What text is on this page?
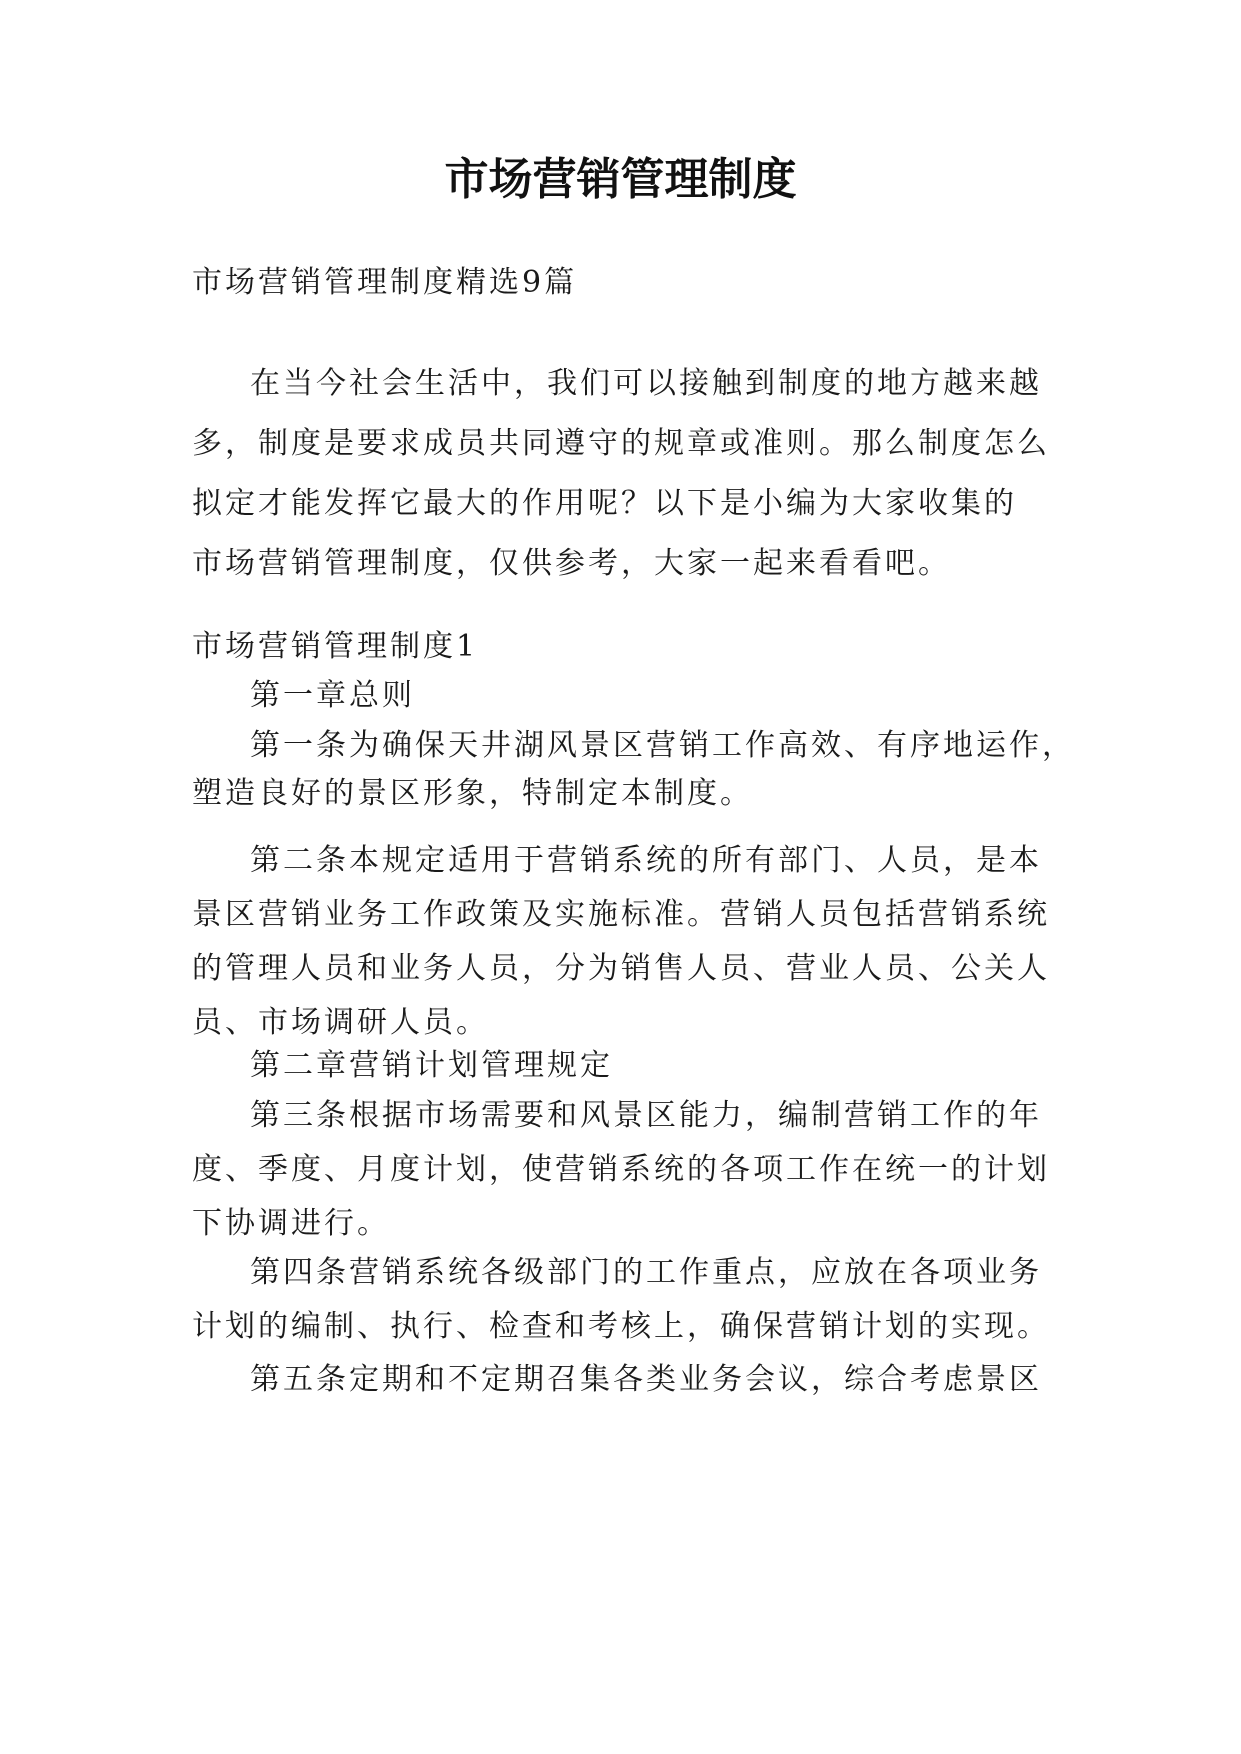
市场营销管理制度
市场营销管理制度精选9篇
在当今社会生活中，我们可以接触到制度的地方越来越
多，制度是要求成员共同遵守的规章或准则。那么制度怎么
拟定才能发挥它最大的作用呢？以下是小编为大家收集的
市场营销管理制度，仅供参考，大家一起来看看吧。
市场营销管理制度1
第一章总则
第一条为确保天井湖风景区营销工作高效、有序地运作，
塑造良好的景区形象，特制定本制度。
第二条本规定适用于营销系统的所有部门、人员，是本
景区营销业务工作政策及实施标准。营销人员包括营销系统
的管理人员和业务人员，分为销售人员、营业人员、公关人
员、市场调研人员。
第二章营销计划管理规定
第三条根据市场需要和风景区能力，编制营销工作的年
度、季度、月度计划，使营销系统的各项工作在统一的计划
下协调进行。
第四条营销系统各级部门的工作重点，应放在各项业务
计划的编制、执行、检查和考核上，确保营销计划的实现。
第五条定期和不定期召集各类业务会议，综合考虑景区
